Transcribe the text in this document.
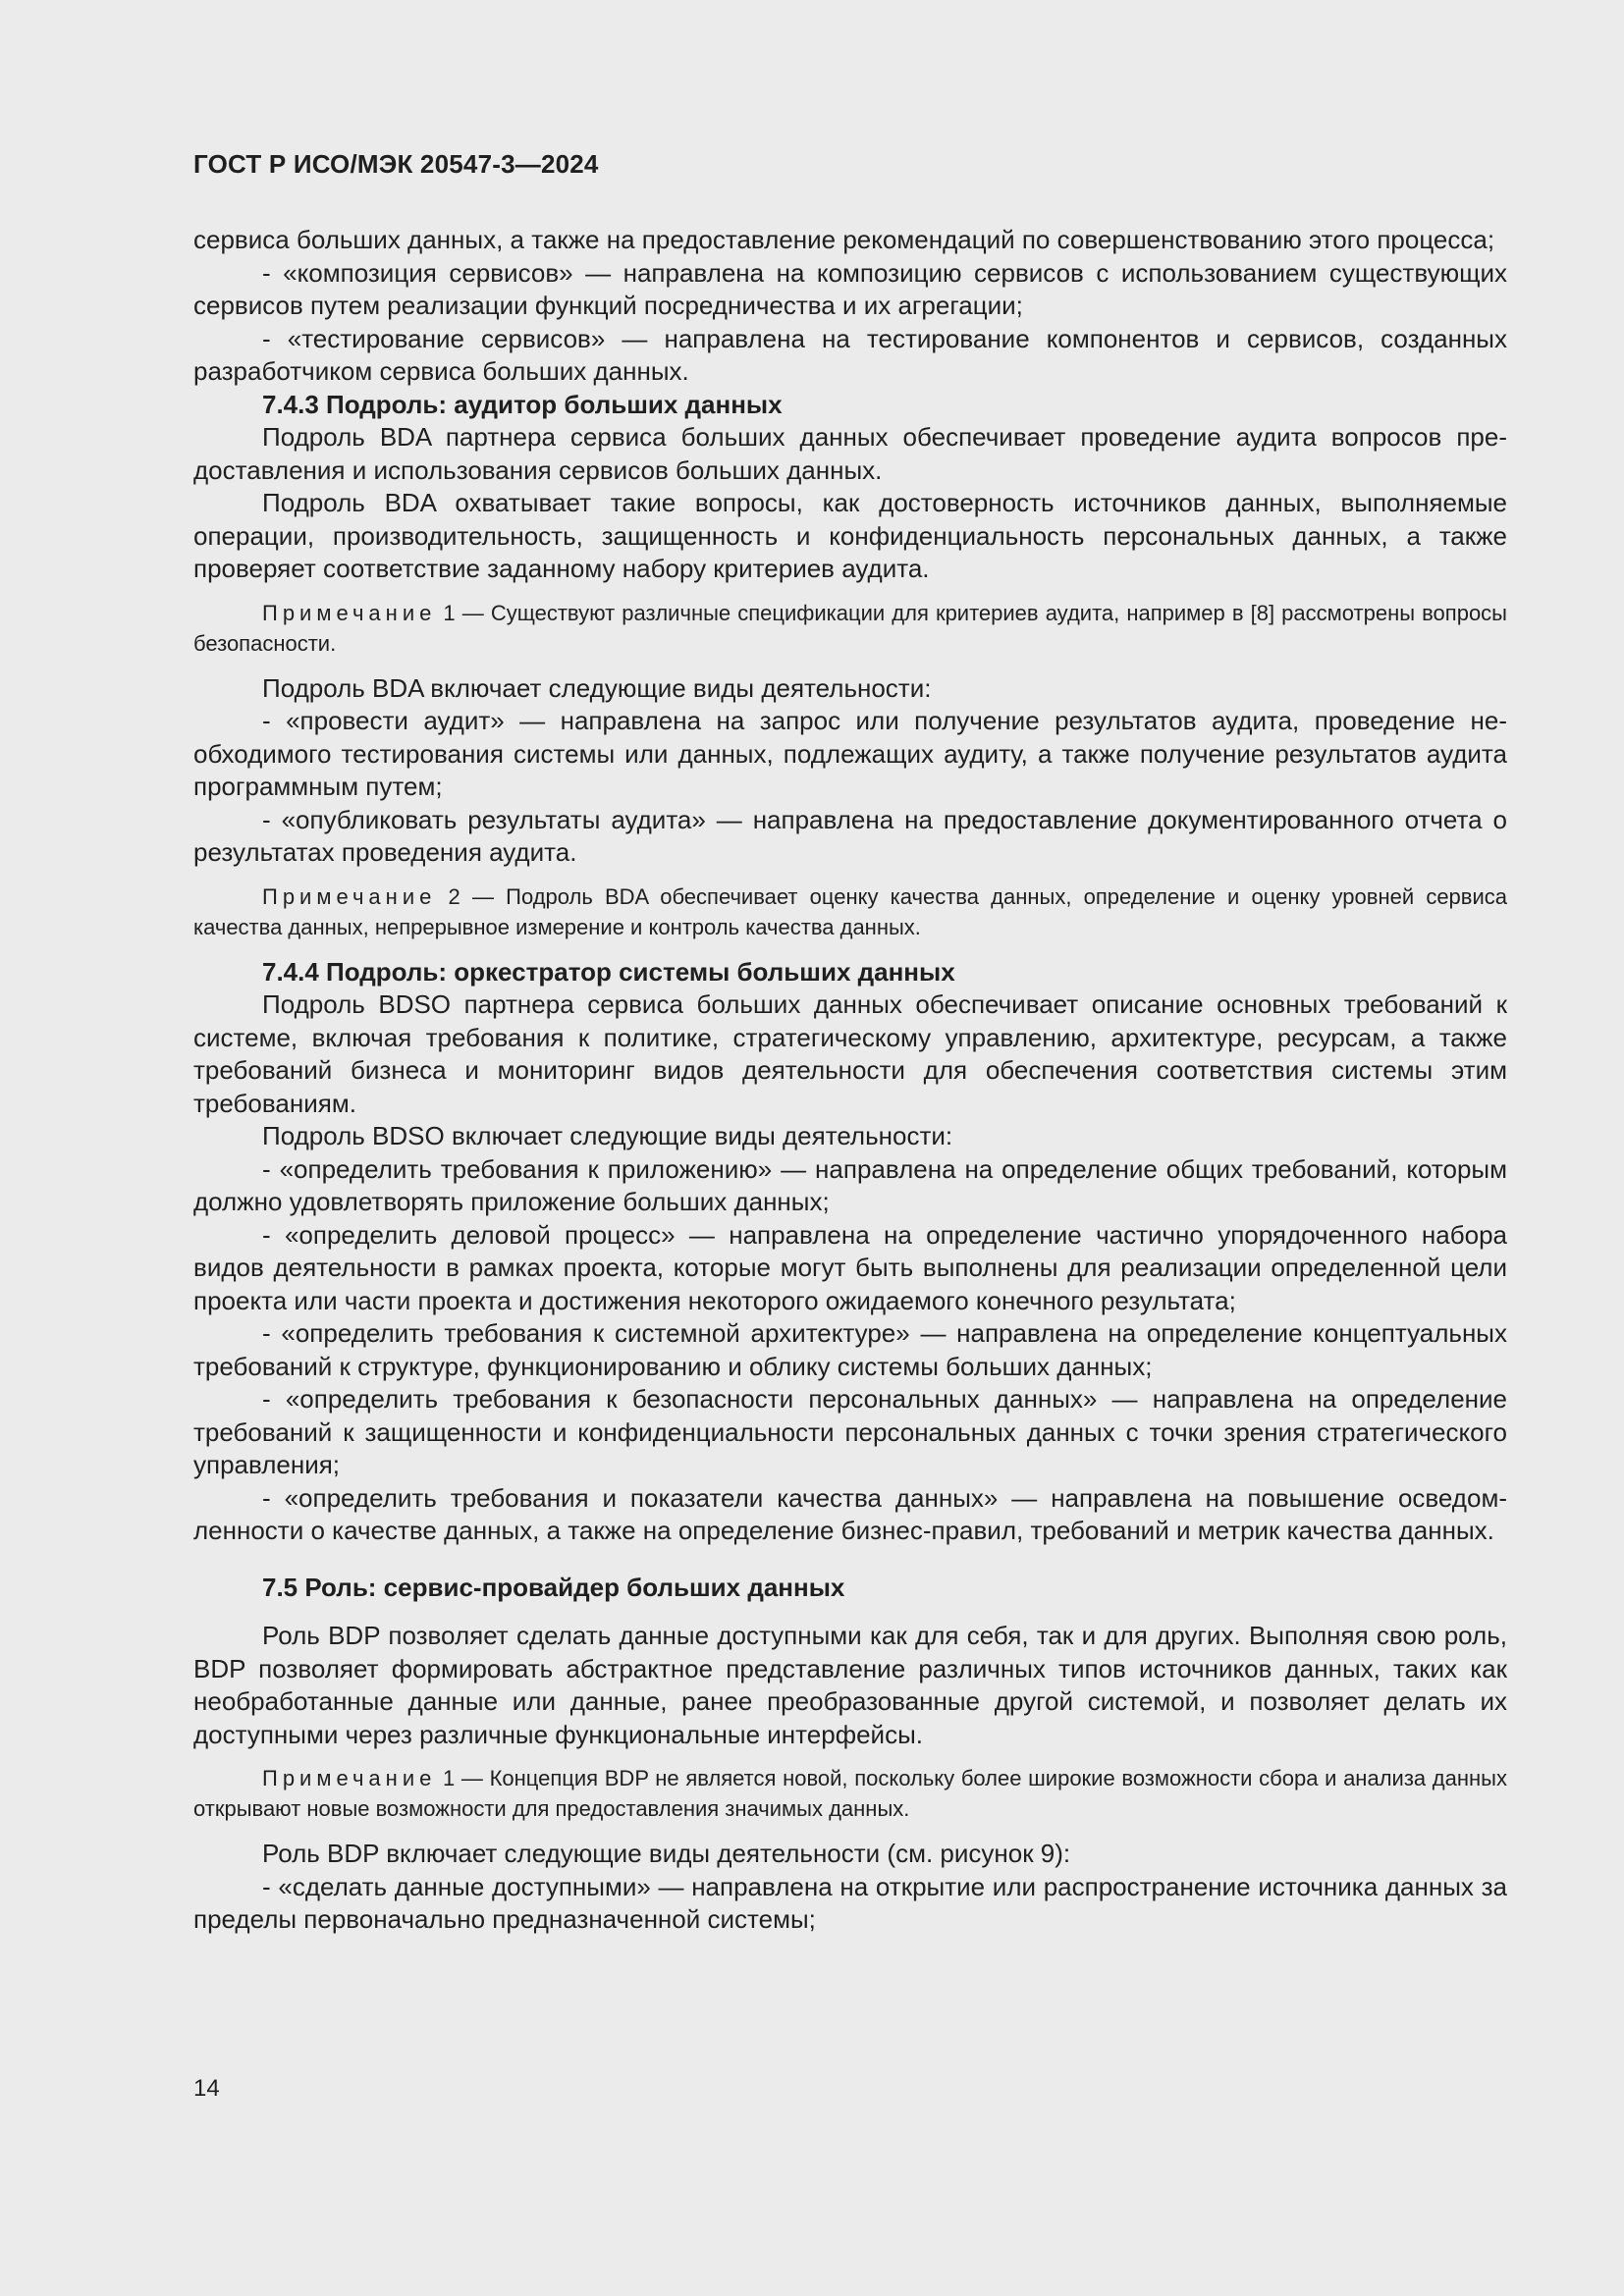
ГОСТ Р ИСО/МЭК 20547-3—2024

сервиса больших данных, а также на предоставление рекомендаций по совершенствованию этого процесса;

- «композиция сервисов» — направлена на композицию сервисов с использованием существующих сервисов путем реализации функций посредничества и их агрегации;

- «тестирование сервисов» — направлена на тестирование компонентов и сервисов, созданных разработчиком сервиса больших данных.

7.4.3 Подроль: аудитор больших данных

Подроль BDA партнера сервиса больших данных обеспечивает проведение аудита вопросов предоставления и использования сервисов больших данных.

Подроль BDA охватывает такие вопросы, как достоверность источников данных, выполняемые операции, производительность, защищенность и конфиденциальность персональных данных, а также проверяет соответствие заданному набору критериев аудита.

Примечание 1 — Существуют различные спецификации для критериев аудита, например в [8] рассмотрены вопросы безопасности.

Подроль BDA включает следующие виды деятельности:

- «провести аудит» — направлена на запрос или получение результатов аудита, проведение необходимого тестирования системы или данных, подлежащих аудиту, а также получение результатов аудита программным путем;

- «опубликовать результаты аудита» — направлена на предоставление документированного отчета о результатах проведения аудита.

Примечание 2 — Подроль BDA обеспечивает оценку качества данных, определение и оценку уровней сервиса качества данных, непрерывное измерение и контроль качества данных.

7.4.4 Подроль: оркестратор системы больших данных

Подроль BDSO партнера сервиса больших данных обеспечивает описание основных требований к системе, включая требования к политике, стратегическому управлению, архитектуре, ресурсам, а также требований бизнеса и мониторинг видов деятельности для обеспечения соответствия системы этим требованиям.

Подроль BDSO включает следующие виды деятельности:

- «определить требования к приложению» — направлена на определение общих требований, которым должно удовлетворять приложение больших данных;

- «определить деловой процесс» — направлена на определение частично упорядоченного набора видов деятельности в рамках проекта, которые могут быть выполнены для реализации определенной цели проекта или части проекта и достижения некоторого ожидаемого конечного результата;

- «определить требования к системной архитектуре» — направлена на определение концептуальных требований к структуре, функционированию и облику системы больших данных;

- «определить требования к безопасности персональных данных» — направлена на определение требований к защищенности и конфиденциальности персональных данных с точки зрения стратегического управления;

- «определить требования и показатели качества данных» — направлена на повышение осведомленности о качестве данных, а также на определение бизнес-правил, требований и метрик качества данных.

7.5 Роль: сервис-провайдер больших данных

Роль BDP позволяет сделать данные доступными как для себя, так и для других. Выполняя свою роль, BDP позволяет формировать абстрактное представление различных типов источников данных, таких как необработанные данные или данные, ранее преобразованные другой системой, и позволяет делать их доступными через различные функциональные интерфейсы.

Примечание 1 — Концепция BDP не является новой, поскольку более широкие возможности сбора и анализа данных открывают новые возможности для предоставления значимых данных.

Роль BDP включает следующие виды деятельности (см. рисунок 9):

- «сделать данные доступными» — направлена на открытие или распространение источника данных за пределы первоначально предназначенной системы;

14
